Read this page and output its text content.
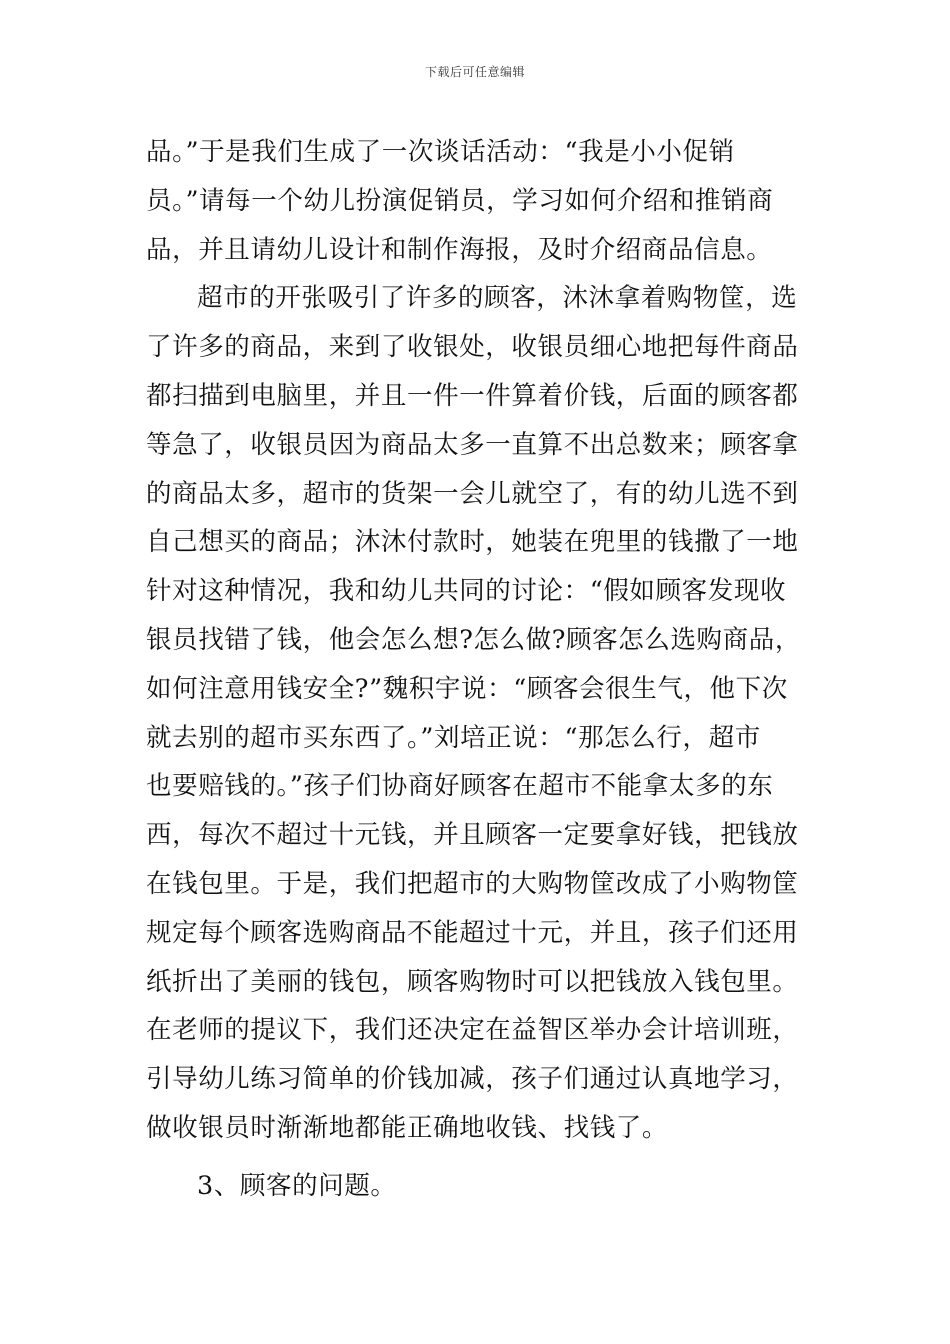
下载后可任意编辑
品。”于是我们生成了一次谈话活动：“我是小小促销
员。”请每一个幼儿扮演促销员，学习如何介绍和推销商
品，并且请幼儿设计和制作海报，及时介绍商品信息。
超市的开张吸引了许多的顾客，沐沐拿着购物筐，选
了许多的商品，来到了收银处，收银员细心地把每件商品
都扫描到电脑里，并且一件一件算着价钱，后面的顾客都
等急了，收银员因为商品太多一直算不出总数来；顾客拿
的商品太多，超市的货架一会儿就空了，有的幼儿选不到
自己想买的商品；沐沐付款时，她装在兜里的钱撒了一地
针对这种情况，我和幼儿共同的讨论：“假如顾客发现收
银员找错了钱，他会怎么想?怎么做?顾客怎么选购商品，
如何注意用钱安全?”魏积宇说：“顾客会很生气，他下次
就去别的超市买东西了。”刘培正说：“那怎么行，超市
也要赔钱的。”孩子们协商好顾客在超市不能拿太多的东
西，每次不超过十元钱，并且顾客一定要拿好钱，把钱放
在钱包里。于是，我们把超市的大购物筐改成了小购物筐
规定每个顾客选购商品不能超过十元，并且，孩子们还用
纸折出了美丽的钱包，顾客购物时可以把钱放入钱包里。
在老师的提议下，我们还决定在益智区举办会计培训班，
引导幼儿练习简单的价钱加减，孩子们通过认真地学习，
做收银员时渐渐地都能正确地收钱、找钱了。
3、顾客的问题。
